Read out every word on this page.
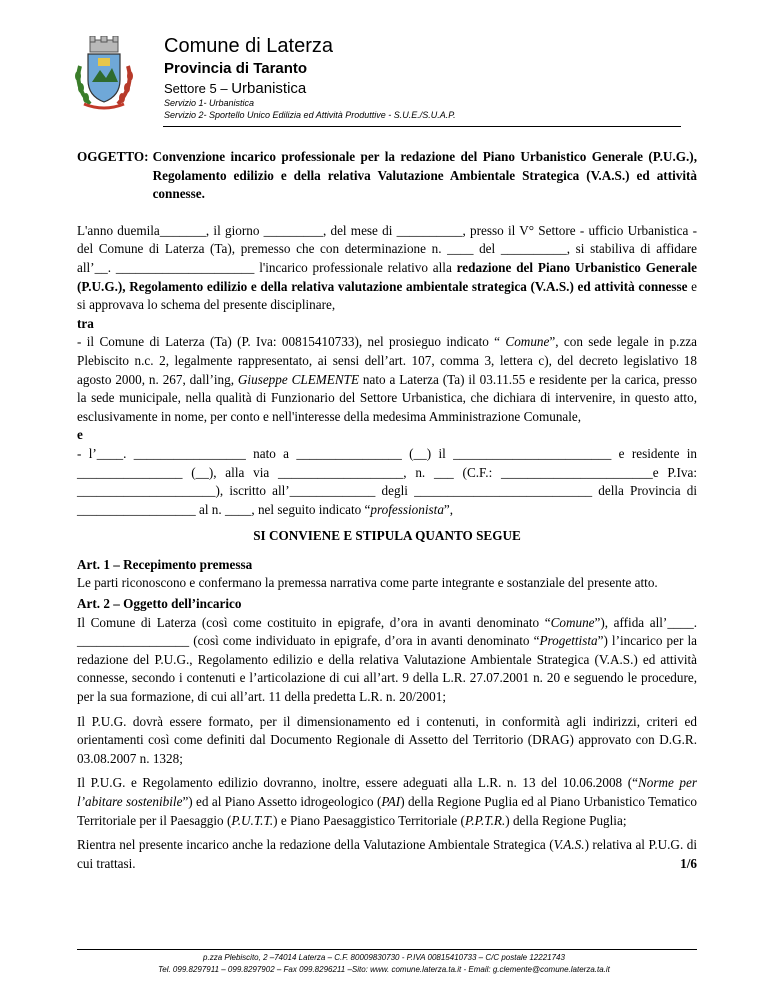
Comune di Laterza
Provincia di Taranto
Settore 5 – Urbanistica
Servizio 1- Urbanistica
Servizio 2- Sportello Unico Edilizia ed Attività Produttive - S.U.E./S.U.A.P.
OGGETTO: Convenzione incarico professionale per la redazione del Piano Urbanistico Generale (P.U.G.), Regolamento edilizio e della relativa Valutazione Ambientale Strategica (V.A.S.) ed attività connesse.

L'anno duemila_______, il giorno _________, del mese di __________, presso il V° Settore - ufficio Urbanistica - del Comune di Laterza (Ta), premesso che con determinazione n. ____ del __________, si stabiliva di affidare all’__. _____________________ l'incarico professionale relativo alla redazione del Piano Urbanistico Generale (P.U.G.), Regolamento edilizio e della relativa valutazione ambientale strategica (V.A.S.) ed attività connesse e si approvava lo schema del presente disciplinare,

tra

- il Comune di Laterza (Ta) (P. Iva: 00815410733), nel prosieguo indicato “ Comune”, con sede legale in p.zza Plebiscito n.c. 2, legalmente rappresentato, ai sensi dell’art. 107, comma 3, lettera c), del decreto legislativo 18 agosto 2000, n. 267, dall’ing, Giuseppe CLEMENTE nato a Laterza (Ta) il 03.11.55 e residente per la carica, presso la sede municipale, nella qualità di Funzionario del Settore Urbanistica, che dichiara di intervenire, in questo atto, esclusivamente in nome, per conto e nell'interesse della medesima Amministrazione Comunale,

e

- l’____. _________________ nato a ________________ (__) il ________________________ e residente in ________________ (__), alla via ___________________, n. ___ (C.F.: _______________________e P.Iva: _____________________), iscritto all’_____________ degli ___________________________ della Provincia di __________________ al n. ____, nel seguito indicato “professionista”,

SI CONVIENE E STIPULA QUANTO SEGUE
Art. 1 – Recepimento premessa

Le parti riconoscono e confermano la premessa narrativa come parte integrante e sostanziale del presente atto.

Art. 2 – Oggetto dell’incarico

Il Comune di Laterza (così come costituito in epigrafe, d’ora in avanti denominato “Comune”), affida all’____. _________________ (così come individuato in epigrafe, d’ora in avanti denominato “Progettista”) l’incarico per la redazione del P.U.G., Regolamento edilizio e della relativa Valutazione Ambientale Strategica (V.A.S.) ed attività connesse, secondo i contenuti e l’articolazione di cui all’art. 9 della L.R. 27.07.2001 n. 20 e seguendo le procedure, per la sua formazione, di cui all’art. 11 della predetta L.R. n. 20/2001;

Il P.U.G. dovrà essere formato, per il dimensionamento ed i contenuti, in conformità agli indirizzi, criteri ed orientamenti così come definiti dal Documento Regionale di Assetto del Territorio (DRAG) approvato con D.G.R. 03.08.2007 n. 1328;

Il P.U.G. e Regolamento edilizio dovranno, inoltre, essere adeguati alla L.R. n. 13 del 10.06.2008 (“Norme per l’abitare sostenibile”) ed al Piano Assetto idrogeologico (PAI) della Regione Puglia ed al Piano Urbanistico Tematico Territoriale per il Paesaggio (P.U.T.T.) e Piano Paesaggistico Territoriale (P.P.T.R.) della Regione Puglia;

Rientra nel presente incarico anche la redazione della Valutazione Ambientale Strategica (V.A.S.) relativa al P.U.G. di cui trattasi.	1/6

p.zza Plebiscito, 2 –74014 Laterza – C.F. 80009830730 - P.IVA 00815410733 – C/C postale 12221743
Tel. 099.8297911 – 099.8297902 – Fax 099.8296211 –Sito: www. comune.laterza.ta.it - Email: g.clemente@comune.laterza.ta.it
